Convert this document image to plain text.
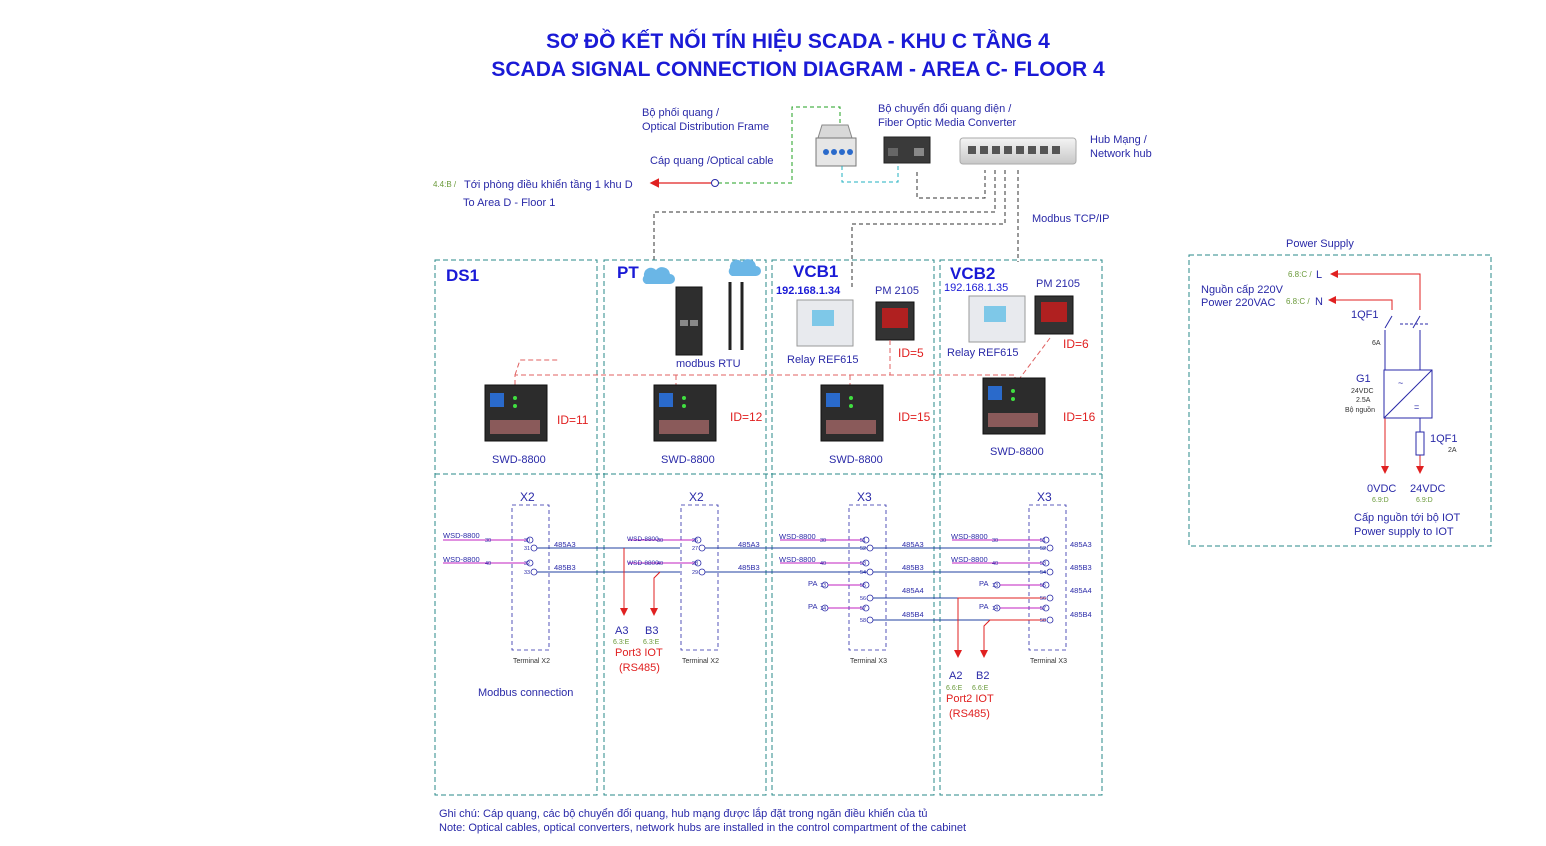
SƠ ĐỒ KẾT NỐI TÍN HIỆU SCADA - KHU C TẦNG 4
SCADA SIGNAL CONNECTION DIAGRAM - AREA C- FLOOR 4
Bộ phối quang /
Optical Distribution Frame
Bộ chuyển đổi quang điện /
Fiber Optic Media Converter
Hub Mạng /
Network hub
Cáp quang /Optical cable
4.4:B / Tới phòng điều khiển tầng 1 khu D
To Area D - Floor 1
Modbus TCP/IP
DS1	PT	VCB1	VCB2
modbus RTU
192.168.1.34	PM 2105
Relay REF615	ID=5
192.168.1.35	PM 2105
Relay REF615
ID=6
ID=11	ID=12	ID=15	ID=16
SWD-8800	SWD-8800	SWD-8800
SWD-8800
X2	X2	X3	X3
Terminal X2	Terminal X2	Terminal X3	Terminal X3
WSD-8800
WSD-8800
485A3
485B3
Modbus connection
WSD-8800
WSD-8800
485A3
485B3
A3 B3
6.3:E 6.3:E
Port3 IOT
(RS485)
WSD-8800
WSD-8800
PA
PA
485A3
485B3
485A4
485B4
WSD-8800
WSD-8800
PA
PA
485A3
485B3
485A4
485B4
A2 B2
6.6:E 6.6:E
Port2 IOT
(RS485)
Power Supply
6.8:C / L
6.8:C / N
Nguồn cấp 220V
Power 220VAC
1QF1
6A
~
=
G1
24VDC
2.5A
Bộ nguồn
1QF1
2A
0VDC
6.9:D
24VDC
6.9:D
Cấp nguồn tới bộ IOT
Power supply to IOT
Ghi chú: Cáp quang, các bộ chuyển đổi quang, hub mạng được lắp đặt trong ngăn điều khiển của tủ
Note: Optical cables, optical converters, network hubs are installed in the control compartment of the cabinet
30
31
32
33
30
40
26
27
28
29
30
40
51
52
53
54
55
56
57
58
30
40
13
14
51
52
53
54
55
56
57
58
30
40
13
14
